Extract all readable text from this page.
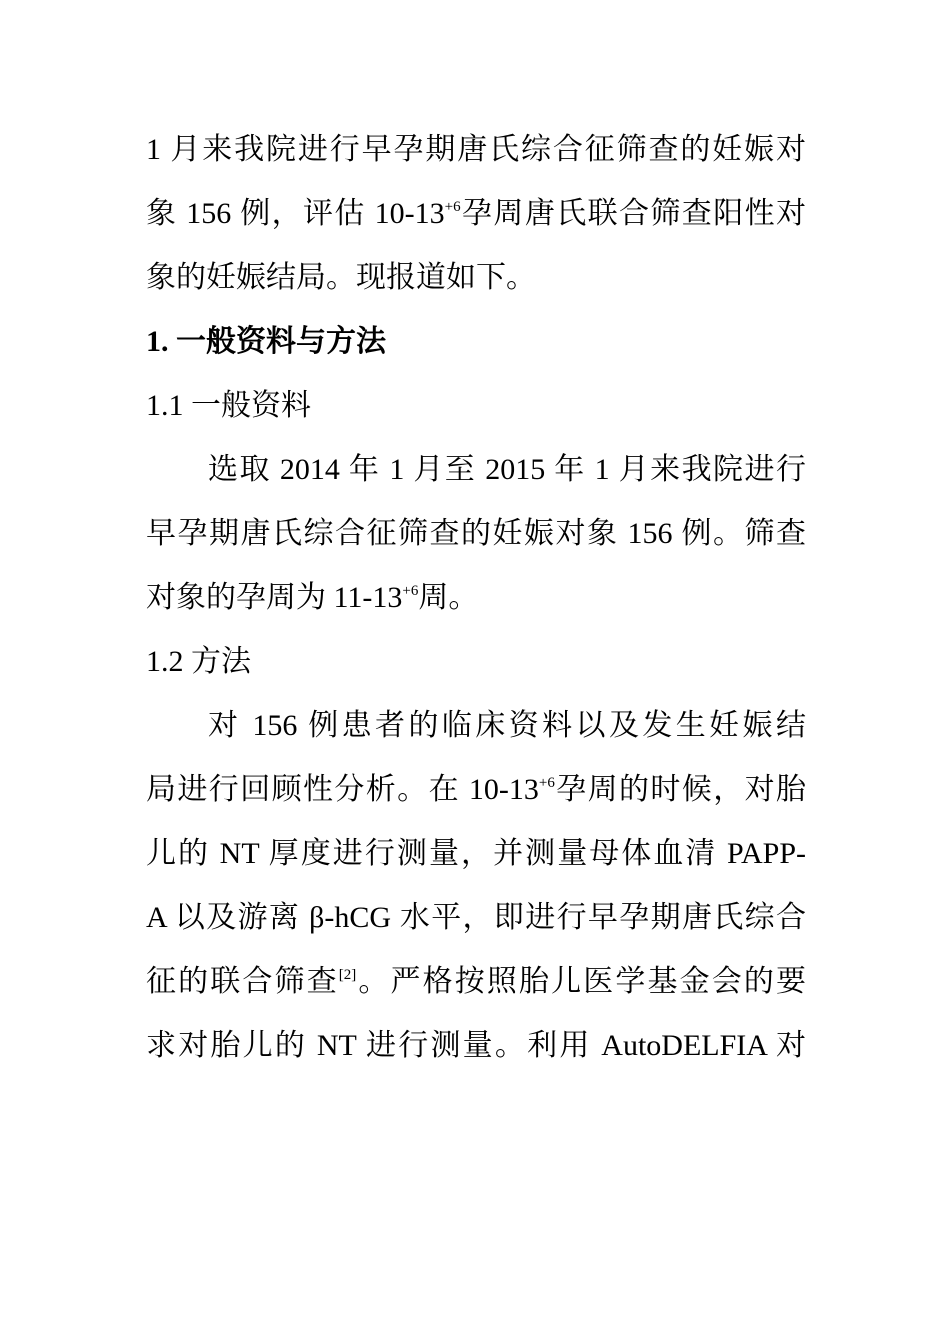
1 月来我院进行早孕期唐氏综合征筛查的妊娠对
象 156 例，评估 $10-13^{+6}$孕周唐氏联合筛查阳性对
象的妊娠结局。现报道如下。
1. 一般资料与方法
1.1 一般资料
选取 2014 年 1 月至 2015 年 1 月来我院进行
早孕期唐氏综合征筛查的妊娠对象 156 例。筛查
对象的孕周为 $11-13^{+6}$周。
1.2 方法
对 156 例患者的临床资料以及发生妊娠结
局进行回顾性分析。在 $10-13^{+6}$孕周的时候，对胎
儿的 NT 厚度进行测量，并测量母体血清 PAPP-
A 以及游离 β-hCG 水平，即进行早孕期唐氏综合
征的联合筛查[2]。严格按照胎儿医学基金会的要
求对胎儿的 NT 进行测量。利用 AutoDELFIA 对
